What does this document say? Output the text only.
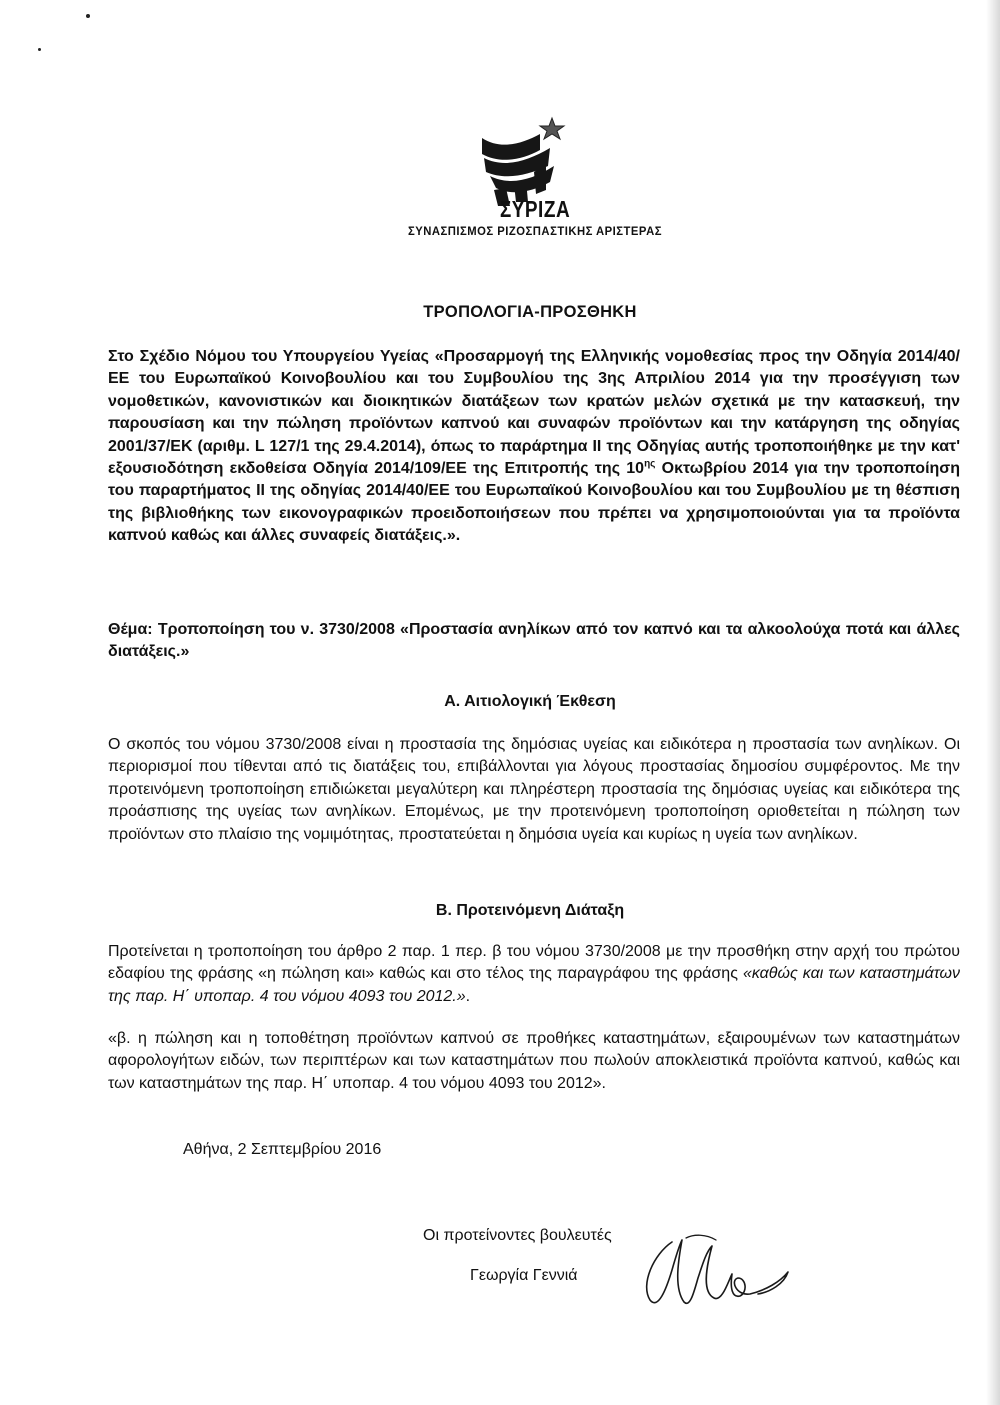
ΣΥΡΙΖΑ
ΣΥΝΑΣΠΙΣΜΟΣ ΡΙΖΟΣΠΑΣΤΙΚΗΣ ΑΡΙΣΤΕΡΑΣ
ΤΡΟΠΟΛΟΓΙΑ-ΠΡΟΣΘΗΚΗ
Στο Σχέδιο Νόμου του Υπουργείου Υγείας «Προσαρμογή της Ελληνικής νομοθεσίας προς την Οδηγία 2014/40/ΕΕ του Ευρωπαϊκού Κοινοβουλίου και του Συμβουλίου της 3ης Απριλίου 2014 για την προσέγγιση των νομοθετικών, κανονιστικών και διοικητικών διατάξεων των κρατών μελών σχετικά με την κατασκευή, την παρουσίαση και την πώληση προϊόντων καπνού και συναφών προϊόντων και την κατάργηση της οδηγίας 2001/37/ΕΚ (αριθμ. L 127/1 της 29.4.2014), όπως το παράρτημα ΙΙ της Οδηγίας αυτής τροποποιήθηκε με την κατ' εξουσιοδότηση εκδοθείσα Οδηγία 2014/109/ΕΕ της Επιτροπής της $10^{\eta\varsigma}$ Οκτωβρίου 2014 για την τροποποίηση του παραρτήματος ΙΙ της οδηγίας 2014/40/ΕΕ του Ευρωπαϊκού Κοινοβουλίου και του Συμβουλίου με τη θέσπιση της βιβλιοθήκης των εικονογραφικών προειδοποιήσεων που πρέπει να χρησιμοποιούνται για τα προϊόντα καπνού καθώς και άλλες συναφείς διατάξεις.».
Θέμα: Τροποποίηση του ν. 3730/2008 «Προστασία ανηλίκων από τον καπνό και τα αλκοολούχα ποτά και άλλες διατάξεις.»
Α. Αιτιολογική Έκθεση
Ο σκοπός του νόμου 3730/2008 είναι η προστασία της δημόσιας υγείας και ειδικότερα η προστασία των ανηλίκων. Οι περιορισμοί που τίθενται από τις διατάξεις του, επιβάλλονται για λόγους προστασίας δημοσίου συμφέροντος. Με την προτεινόμενη τροποποίηση επιδιώκεται μεγαλύτερη και πληρέστερη προστασία της δημόσιας υγείας και ειδικότερα της προάσπισης της υγείας των ανηλίκων. Επομένως, με την προτεινόμενη τροποποίηση οριοθετείται η πώληση των προϊόντων στο πλαίσιο της νομιμότητας, προστατεύεται η δημόσια υγεία και κυρίως η υγεία των ανηλίκων.
Β. Προτεινόμενη Διάταξη
Προτείνεται η τροποποίηση του άρθρο 2 παρ. 1 περ. β του νόμου 3730/2008 με την προσθήκη στην αρχή του πρώτου εδαφίου της φράσης «η πώληση και» καθώς και στο τέλος της παραγράφου της φράσης «καθώς και των καταστημάτων της παρ. Η΄ υποπαρ. 4 του νόμου 4093 του 2012.».
«β. η πώληση και η τοποθέτηση προϊόντων καπνού σε προθήκες καταστημάτων, εξαιρουμένων των καταστημάτων αφορολογήτων ειδών, των περιπτέρων και των καταστημάτων που πωλούν αποκλειστικά προϊόντα καπνού, καθώς και των καταστημάτων της παρ. Η΄ υποπαρ. 4 του νόμου 4093 του 2012».
Αθήνα, 2 Σεπτεμβρίου 2016
Οι προτείνοντες βουλευτές
Γεωργία Γεννιά
